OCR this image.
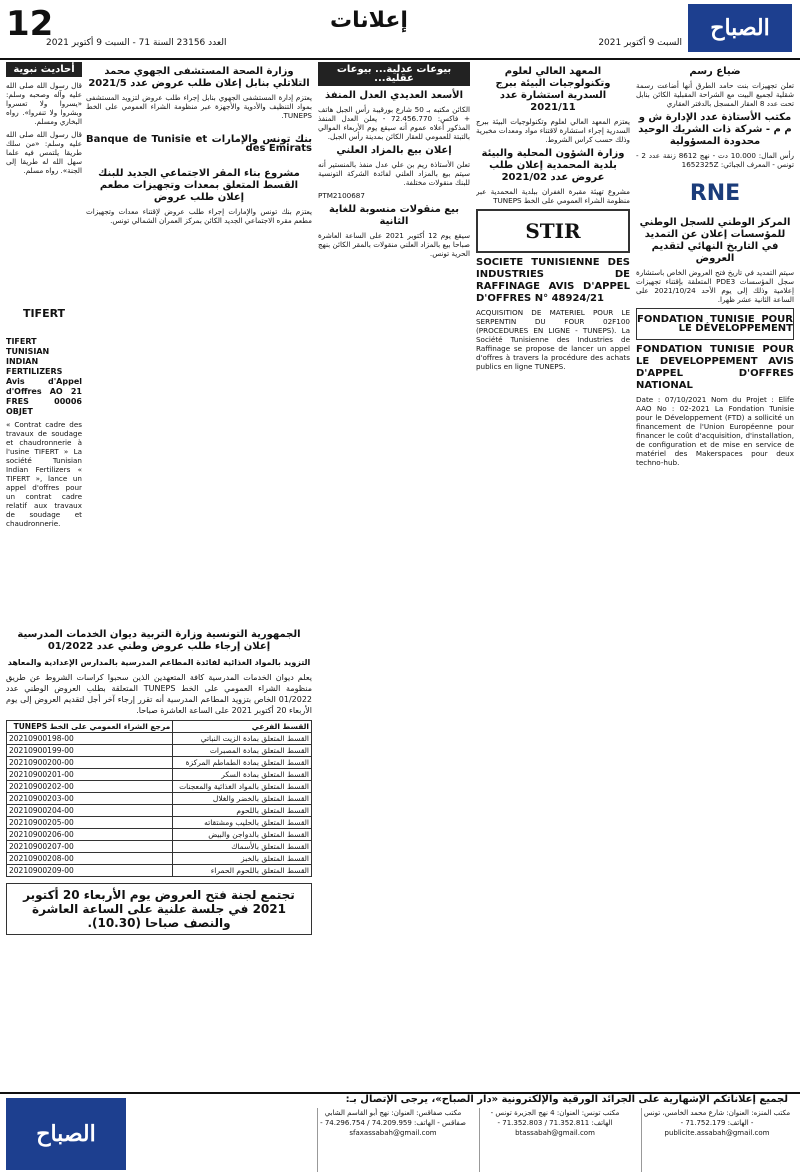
12
العدد 23156 السنة 71 - السبت 9 أكتوبر 2021
إعلانات
السبت 9 أكتوبر 2021
الصباح
ضياع رسم

تعلن تجهيزات بنت حامد الطرق أنها أضاعت رسمة شقلية لجميع البيت مع الشراحة المقبلية الكائن بنابل تحت عدد 8 العقار المسجل بالدفتر العقاري

مكتب الأستاذة عدد الإدارة ش و م م - شركة ذات الشريك الوحيد محدودة المسؤولية

رأس المال: 10.000 دت - نهج 8612 زنقة عدد 2 - تونس - المعرف الجبائي: 1652325Z

RNE
المركز الوطني للسجل الوطني للمؤسسات إعلان عن التمديد في التاريخ النهائي لتقديم العروض

سيتم التمديد في تاريخ فتح العروض الخاص باستشارة سجل المؤسسات PDE3 المتعلقة بإقتناء تجهيزات إعلامية وذلك إلى يوم الأحد 2021/10/24 على الساعة الثانية عشر ظهرا.

FONDATION TUNISIE POUR LE DÉVELOPPEMENT
FONDATION TUNISIE POUR LE DEVELOPPEMENT AVIS D'APPEL D'OFFRES NATIONAL

Date : 07/10/2021 Nom du Projet : Elife AAO No : 02-2021 La Fondation Tunisie pour le Développement (FTD) a sollicité un financement de l'Union Européenne pour financer le coût d'acquisition, d'installation, de configuration et de mise en service de matériel des Makerspaces pour deux techno-hub.

المعهد العالي لعلوم وتكنولوجيات البيئة ببرج السدرية استشارة عدد 2021/11

يعتزم المعهد العالي لعلوم وتكنولوجيات البيئة ببرج السدرية إجراء استشارة لاقتناء مواد ومعدات مخبرية وذلك حسب كراس الشروط.

وزارة الشؤون المحلية والبيئة بلدية المحمدية إعلان طلب عروض عدد 2021/02

مشروع تهيئة مقبرة الغفران ببلدية المحمدية عبر منظومة الشراء العمومي على الخط TUNEPS

STIR
SOCIETE TUNISIENNE DES INDUSTRIES DE RAFFINAGE AVIS D'APPEL D'OFFRES N° 48924/21

ACQUISITION DE MATERIEL POUR LE SERPENTIN DU FOUR 02F100 (PROCEDURES EN LIGNE - TUNEPS). La Société Tunisienne des Industries de Raffinage se propose de lancer un appel d'offres à travers la procédure des achats publics en ligne TUNEPS.

بيوعات عدلية... بيوعات عقلية...
الأسعد العديدي العدل المنفذ

الكائن مكتبه بـ 50 شارع بورقيبة رأس الجبل هاتف + فاكس: 72.456.770 - يعلن العدل المنفذ المذكور أعلاه عموم أنه سيقع يوم الأربعاء الموالي بالتبتة للعمومي للعقار الكائن بمدينة رأس الجبل.

إعلان بيع بالمزاد العلني

تعلن الأستاذة ريم بن علي عدل منفذ بالمنستير أنه سيتم بيع بالمزاد العلني لفائدة الشركة التونسية للبنك منقولات مختلفة.

PTM2100687

بيع منقولات منسوبة للغاية الثانية

سيقع يوم 12 أكتوبر 2021 على الساعة العاشرة صباحا بيع بالمزاد العلني منقولات بالمقر الكائن بنهج الحرية تونس.

وزارة الصحة المستشفى الجهوي محمد التلاتلي بنابل إعلان طلب عروض عدد 2021/5

يعتزم إدارة المستشفى الجهوي بنابل إجراء طلب عروض لتزويد المستشفى بمواد التنظيف والأدوية والأجهزة عبر منظومة الشراء العمومي على الخط TUNEPS.

بنك تونس والإمارات Banque de Tunisie et des Emirats
مشروع بناء المقر الاجتماعي الجديد للبنك القسط المتعلق بمعدات وتجهيزات مطعم إعلان طلب عروض

يعتزم بنك تونس والإمارات إجراء طلب عروض لإقتناء معدات وتجهيزات مطعم مقره الاجتماعي الجديد الكائن بمركز العمران الشمالي تونس.

TIFERT
TIFERT TUNISIAN INDIAN FERTILIZERS Avis d'Appel d'Offres AO 21 FRES 00006 OBJET

« Contrat cadre des travaux de soudage et chaudronnerie à l'usine TIFERT » La société Tunisian Indian Fertilizers « TIFERT », lance un appel d'offres pour un contrat cadre relatif aux travaux de soudage et chaudronnerie.

أحاديث نبوية

قال رسول الله صلى الله عليه وآله وصحبه وسلم: «يسروا ولا تعسروا وبشروا ولا تنفروا». رواه البخاري ومسلم.

قال رسول الله صلى الله عليه وسلم: «من سلك طريقا يلتمس فيه علما سهل الله له طريقا إلى الجنة». رواه مسلم.

الجمهورية التونسية وزارة التربية ديوان الخدمات المدرسية إعلان إرجاء طلب عروض وطني عدد 01/2022
التزويد بالمواد الغذائية لفائدة المطاعم المدرسية بالمدارس الإعدادية والمعاهد

يعلم ديوان الخدمات المدرسية كافة المتعهدين الذين سحبوا كراسات الشروط عن طريق منظومة الشراء العمومي على الخط TUNEPS المتعلقة بطلب العروض الوطني عدد 01/2022 الخاص بتزويد المطاعم المدرسية أنه تقرر إرجاء آخر أجل لتقديم العروض إلى يوم الأربعاء 20 أكتوبر 2021 على الساعة العاشرة صباحا.

القسط الفرعي	مرجع الشراء العمومي على الخط TUNEPS
القسط المتعلق بمادة الزيت النباتي	20210900198-00
القسط المتعلق بمادة المصبرات	20210900199-00
القسط المتعلق بمادة الطماطم المركزة	20210900200-00
القسط المتعلق بمادة السكر	20210900201-00
القسط المتعلق بالمواد الغذائية والمعجنات	20210900202-00
القسط المتعلق بالخضر والغلال	20210900203-00
القسط المتعلق باللحوم	20210900204-00
القسط المتعلق بالحليب ومشتقاته	20210900205-00
القسط المتعلق بالدواجن والبيض	20210900206-00
القسط المتعلق بالأسماك	20210900207-00
القسط المتعلق بالخبز	20210900208-00
القسط المتعلق باللحوم الحمراء	20210900209-00
تجتمع لجنة فتح العروض يوم الأربعاء 20 أكتوبر 2021 في جلسة علنية على الساعة العاشرة والنصف صباحا (10.30).
لجميع إعلاناتكم الإشهارية على الجرائد الورقية والإلكترونية «دار الصباح»، يرجى الإتصال بـ:
الصباح
مكتب المنزه: العنوان: شارع محمد الخامس، تونس - الهاتف: 71.752.179 - publicite.assabah@gmail.com
مكتب تونس: العنوان: 4 نهج الجزيرة تونس - الهاتف: 71.352.811 / 71.352.803 - btassabah@gmail.com
مكتب صفاقس: العنوان: نهج أبو القاسم الشابي صفاقس - الهاتف: 74.209.959 / 74.296.754 - sfaxassabah@gmail.com
